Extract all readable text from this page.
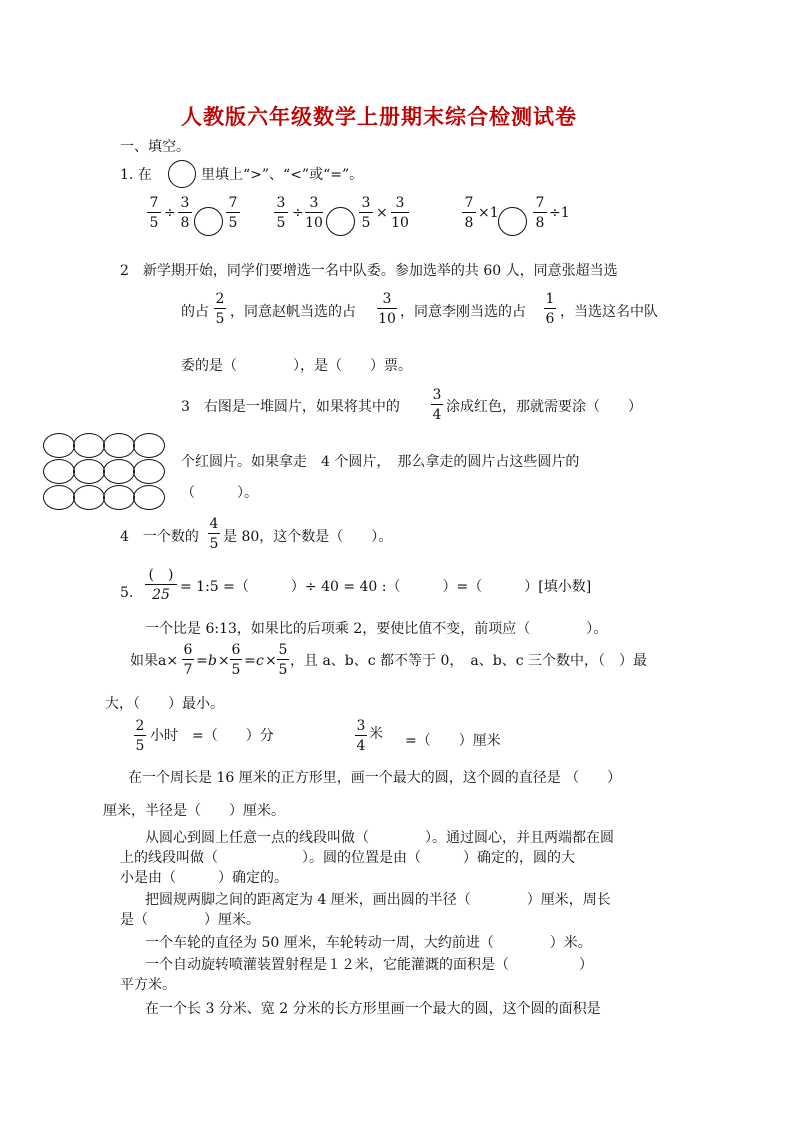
人教版六年级数学上册期末综合检测试卷
一、填空。
1. 在	里填上“>”、“<”或“=”。
$\frac{7}{5} \div \frac{3}{8} \frac{7}{5} \frac{3}{5} \div \frac{3}{10}$	$\frac{3}{5} \times \frac{3}{10}$	$\frac{7}{8} \times 1 \frac{7}{8} \div 1$
2　新学期开始，同学们要增选一名中队委。参加选举的共 60 人，同意张超当选
的占 $\frac{2}{5}$ ，同意赵帆当选的占 $\frac{3}{10}$ ，同意李刚当选的占 $\frac{1}{6}$ ，当选这名中队
委的是（　　　　），是（　　）票。
3　右图是一堆圆片，如果将其中的 $\frac{3}{4}$ 涂成红色，那就需要涂（　　）
个红圆片。如果拿走　4 个圆片，　那么拿走的圆片占这些圆片的
（　　　）。
4　一个数的 $\frac{4}{5}$ 是 80，这个数是（　　）。
5.
(　)
25 = 1:5 =（　　　）÷ 40 = 40 :（　　　）=（　　　）[填小数]
一个比是 6:13，如果比的后项乘 2，要使比值不变，前项应（　　　　）。
如果$a\times \frac{6}{7} = b \times \frac{6}{5} = c \times \frac{5}{5}$ ，且 a、b、c 都不等于 0，　a、b、c 三个数中，（　）最
大，（　　）最小。
$\frac{2}{5}$ 小时　=（　　）分	$\frac{3}{4}$ 米 =（　　）厘米
在一个周长是 16 厘米的正方形里，画一个最大的圆，这个圆的直径是 （　　）
厘米，半径是（　　）厘米。
从圆心到圆上任意一点的线段叫做（　　　　）。通过圆心，并且两端都在圆
上的线段叫做（　　　　　　）。圆的位置是由（　　　）确定的，圆的大
小是由（　　　）确定的。
把圆规两脚之间的距离定为 4 厘米，画出圆的半径（　　　　）厘米，周长
是（　　　　）厘米。
一个车轮的直径为 50 厘米，车轮转动一周，大约前进（　　　　）米。
一个自动旋转喷灌装置射程是１２米，它能灌溉的面积是（　　　　　）
平方米。
在一个长 3 分米、宽 2 分米的长方形里画一个最大的圆，这个圆的面积是
